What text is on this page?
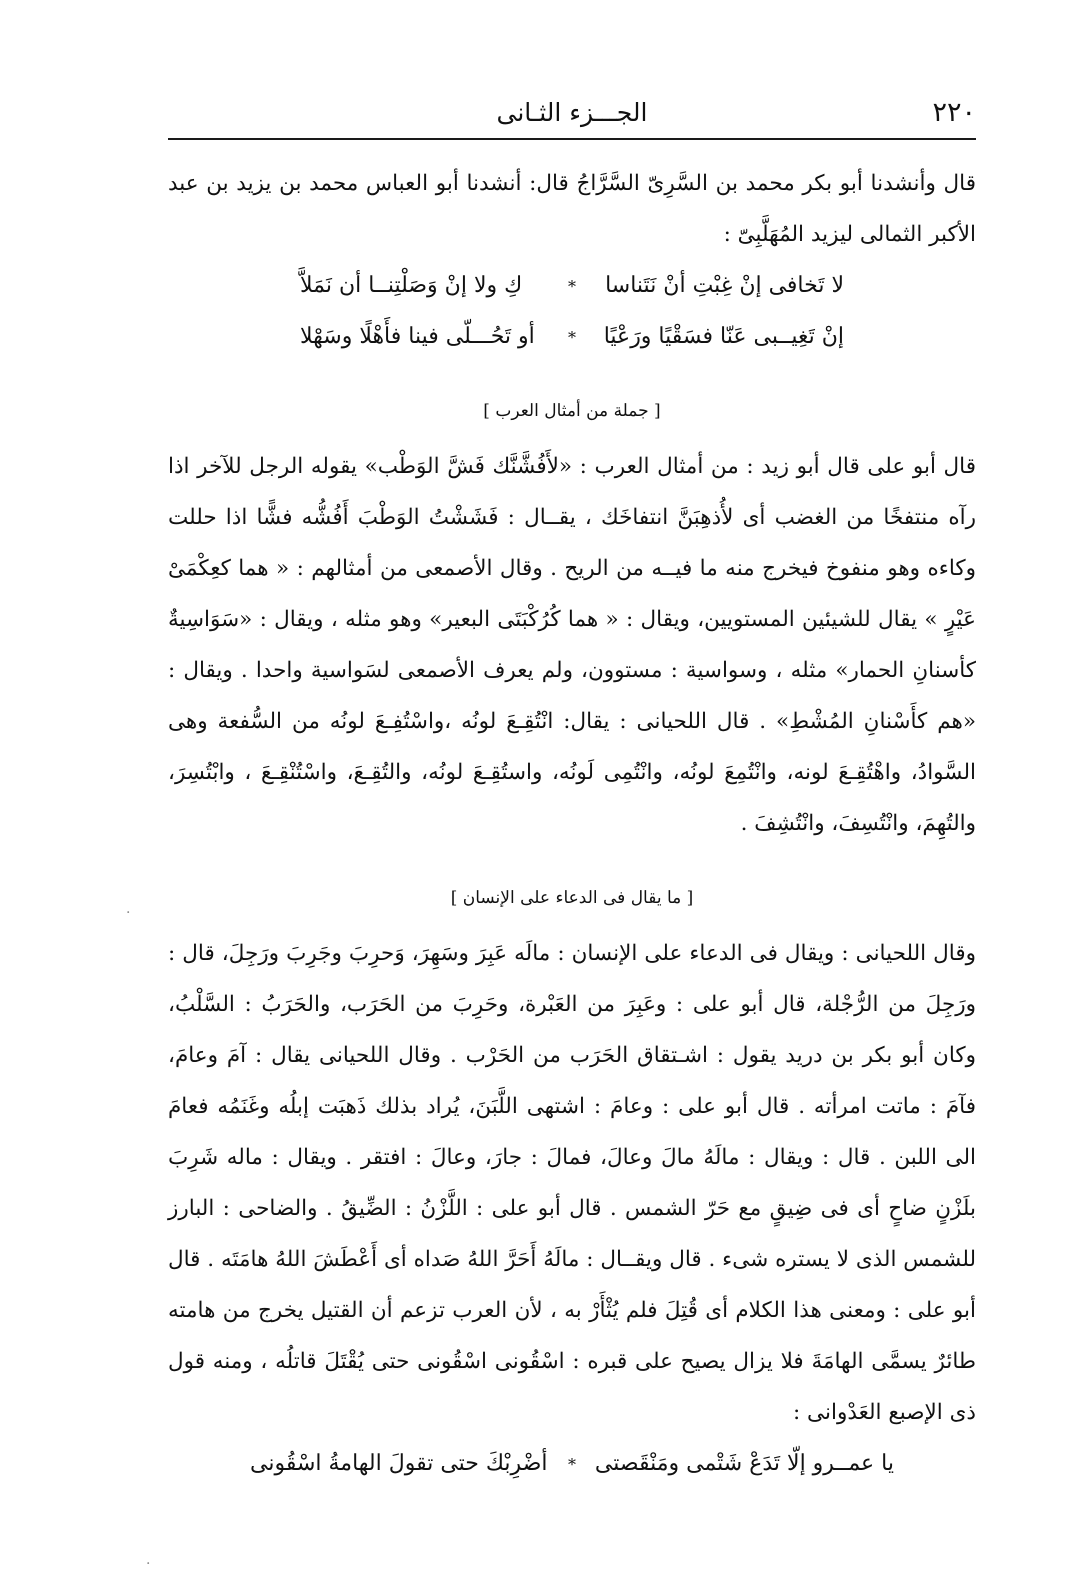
٢٢٠
الجـــزء الثـانى

قال وأنشدنا أبو بكر محمد بن السَّرِىّ السَّرَّاجُ قال: أنشدنا أبو العباس محمد بن يزيد بن عبد الأكبر الثمالى ليزيد المُهَلَّبِىّ :

لا تَخافى إنْ غِبْتِ أنْ نَتَناسا
*
كِ ولا إنْ وَصَلْتِنــا أن نَمَلاَّ
إنْ تَغِيــبى عَنّا فسَقْيًا ورَعْيًا
*
أو تَحُـــلّى فينا فأَهْلًا وسَهْلا
[ جملة من أمثال العرب ]

قال أبو على قال أبو زيد : من أمثال العرب : «لأَفُشَّنَّك فَشَّ الوَطْب» يقوله الرجل للآخر اذا رآه منتفخًا من الغضب أى لأُذهِبَنَّ انتفاخَك ، يقــال : فَشَشْتُ الوَطْبَ أَفُشُّه فشًّا اذا حللت وكاءه وهو منفوخ فيخرج منه ما فيــه من الريح . وقال الأصمعى من أمثالهم : « هما كعِكْمَىْ عَيْرٍ » يقال للشيئين المستويين، ويقال : « هما كُرُكْبَتَى البعير» وهو مثله ، ويقال : «سَوَاسِيةٌ كأسنانِ الحمار» مثله ، وسواسية : مستوون، ولم يعرف الأصمعى لسَواسية واحدا . ويقال : «هم كأَسْنانِ المُشْطِ» . قال اللحيانى : يقال: انْتُقِـعَ لونُه ،واسْتُفِـعَ لونُه من السُّفعة وهى السَّوادُ، واهْتُقِـعَ لونه، وانْتُمِعَ لونُه، وانْتُمِى لَونُه، واستُقِـعَ لونُه، والتُقِـعَ، واسْتُنْقِـعَ ، وابْتُسِرَ، والتُهِمَ، وانْتُسِفَ، وانْتُشِفَ .

[ ما يقال فى الدعاء على الإنسان ]

وقال اللحيانى : ويقال فى الدعاء على الإنسان : مالَه عَبِرَ وسَهِرَ، وَحرِبَ وجَرِبَ ورَجِلَ، قال : ورَجِلَ من الرُّجْلة، قال أبو على : وعَبِرَ من العَبْرة، وحَرِبَ من الحَرَب، والحَرَبُ : السَّلْبُ، وكان أبو بكر بن دريد يقول : اشـتقاق الحَرَب من الحَرْب . وقال اللحيانى يقال : آمَ وعامَ، فآمَ : ماتت امرأته . قال أبو على : وعامَ : اشتهى اللَّبَنَ، يُراد بذلك ذَهبَت إبلُه وغَنَمُه فعامَ الى اللبن . قال : ويقال : مالَهُ مالَ وعالَ، فمالَ : جارَ، وعالَ : افتقر . ويقال : ماله شَرِبَ بلَزْنٍ ضاحٍ أى فى ضِيقٍ مع حَرّ الشمس . قال أبو على : اللَّزْنُ : الضِّيقُ . والضاحى : البارز للشمس الذى لا يستره شىء . قال ويقــال : مالَهُ أَحَرَّ اللهُ صَداه أى أَعْطَشَ اللهُ هامَتَه . قال أبو على : ومعنى هذا الكلام أى قُتِلَ فلم يُثْأَرْ به ، لأن العرب تزعم أن القتيل يخرج من هامته طائرٌ يسمَّى الهامَةَ فلا يزال يصيح على قبره : اسْقُونى اسْقُونى حتى يُقْتَلَ قاتلُه ، ومنه قول ذى الإصبع العَدْوانى :

يا عمــرو إلّا تَدَعْ شَتْمى ومَنْقَصتى
*
أضْرِبْكَ حتى تقولَ الهامةُ اسْقُونى
·
·
